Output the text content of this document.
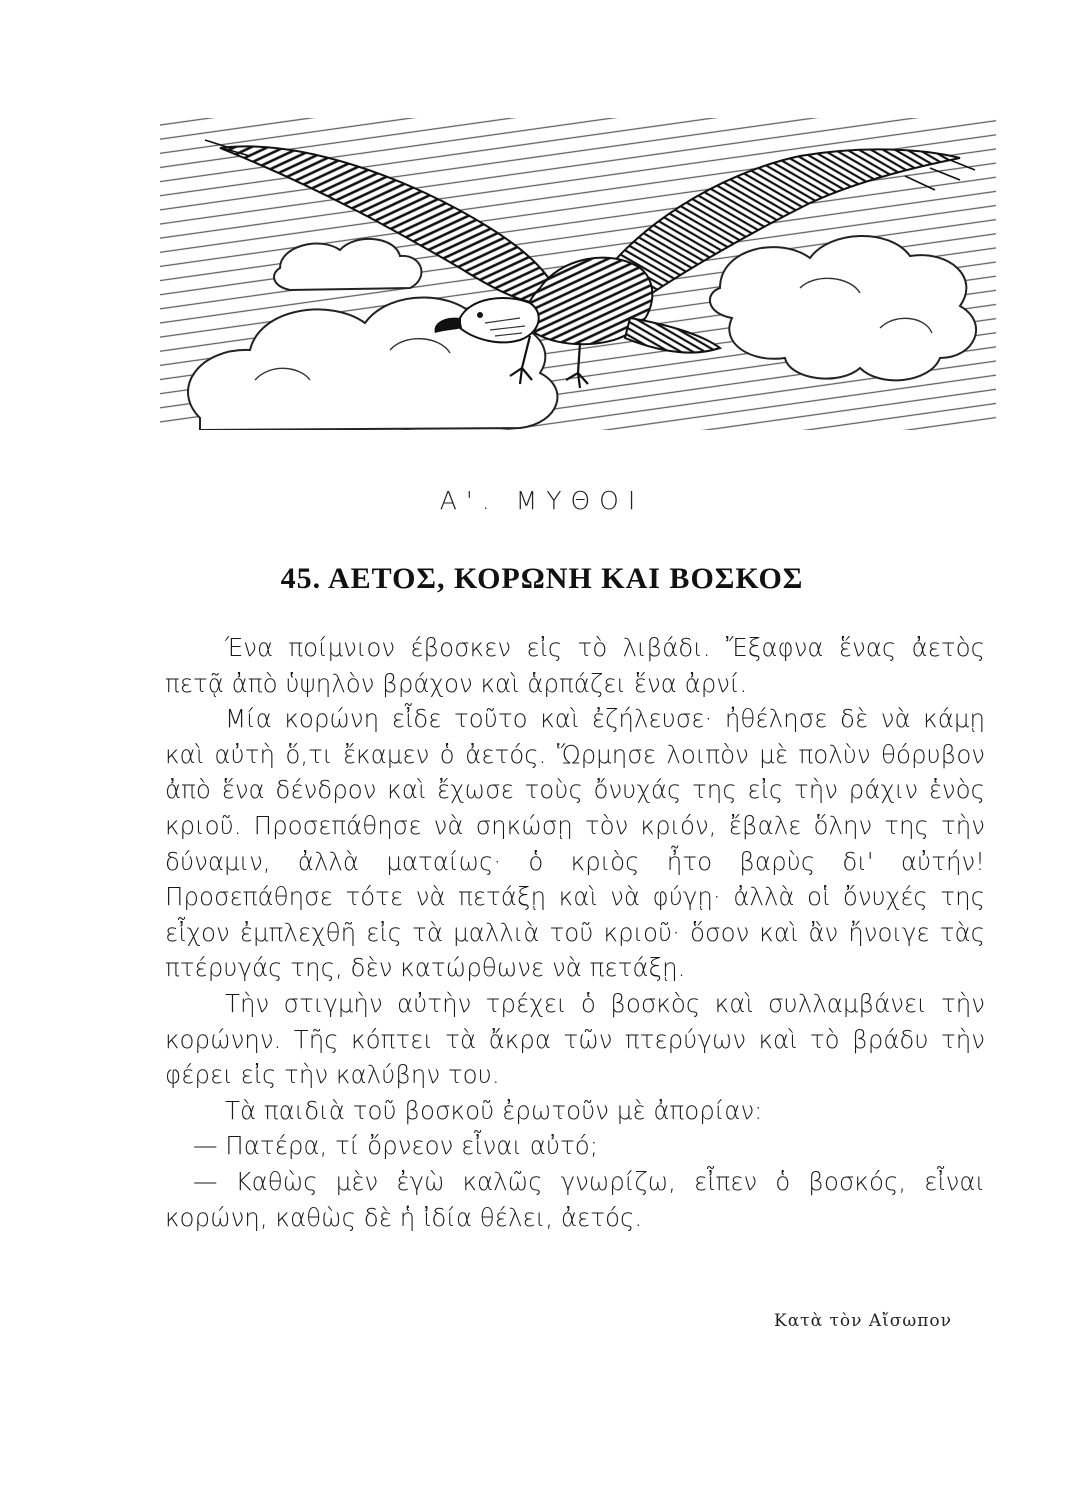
Α'. ΜΥΘΟΙ
45. ΑΕΤΟΣ, ΚΟΡΩΝΗ ΚΑΙ ΒΟΣΚΟΣ

Ένα ποίμνιον έβοσκεν εἰς τὸ λιβάδι. Ἔξαφνα ἕνας ἀετὸς πετᾷ ἀπὸ ὑψηλὸν βράχον καὶ ἁρπάζει ἕνα ἀρνί.

Μία κορώνη εἶδε τοῦτο καὶ ἐζήλευσε· ἠθέλησε δὲ νὰ κάμῃ καὶ αὐτὴ ὅ,τι ἔκαμεν ὁ ἀετός. Ὥρμησε λοιπὸν μὲ πολὺν θόρυβον ἀπὸ ἕνα δένδρον καὶ ἔχωσε τοὺς ὄνυχάς της εἰς τὴν ράχιν ἑνὸς κριοῦ. Προσεπάθησε νὰ σηκώσῃ τὸν κριόν, ἔβαλε ὅλην της τὴν δύναμιν, ἀλλὰ ματαίως· ὁ κριὸς ἦτο βαρὺς δι' αὐτήν! Προσεπάθησε τότε νὰ πετάξῃ καὶ νὰ φύγῃ· ἀλλὰ οἱ ὄνυχές της εἶχον ἐμπλεχθῆ εἰς τὰ μαλλιὰ τοῦ κριοῦ· ὅσον καὶ ἂν ἤνοιγε τὰς πτέρυγάς της, δὲν κατώρθωνε νὰ πετάξῃ.

Τὴν στιγμὴν αὐτὴν τρέχει ὁ βοσκὸς καὶ συλλαμβάνει τὴν κορώνην. Τῆς κόπτει τὰ ἄκρα τῶν πτερύγων καὶ τὸ βράδυ τὴν φέρει εἰς τὴν καλύβην του.

Τὰ παιδιὰ τοῦ βοσκοῦ ἐρωτοῦν μὲ ἀπορίαν:

— Πατέρα, τί ὄρνεον εἶναι αὐτό;

— Καθὼς μὲν ἐγὼ καλῶς γνωρίζω, εἶπεν ὁ βοσκός, εἶναι κορώνη, καθὼς δὲ ἡ ἰδία θέλει, ἀετός.

Κατὰ τὸν Αἴσωπον
